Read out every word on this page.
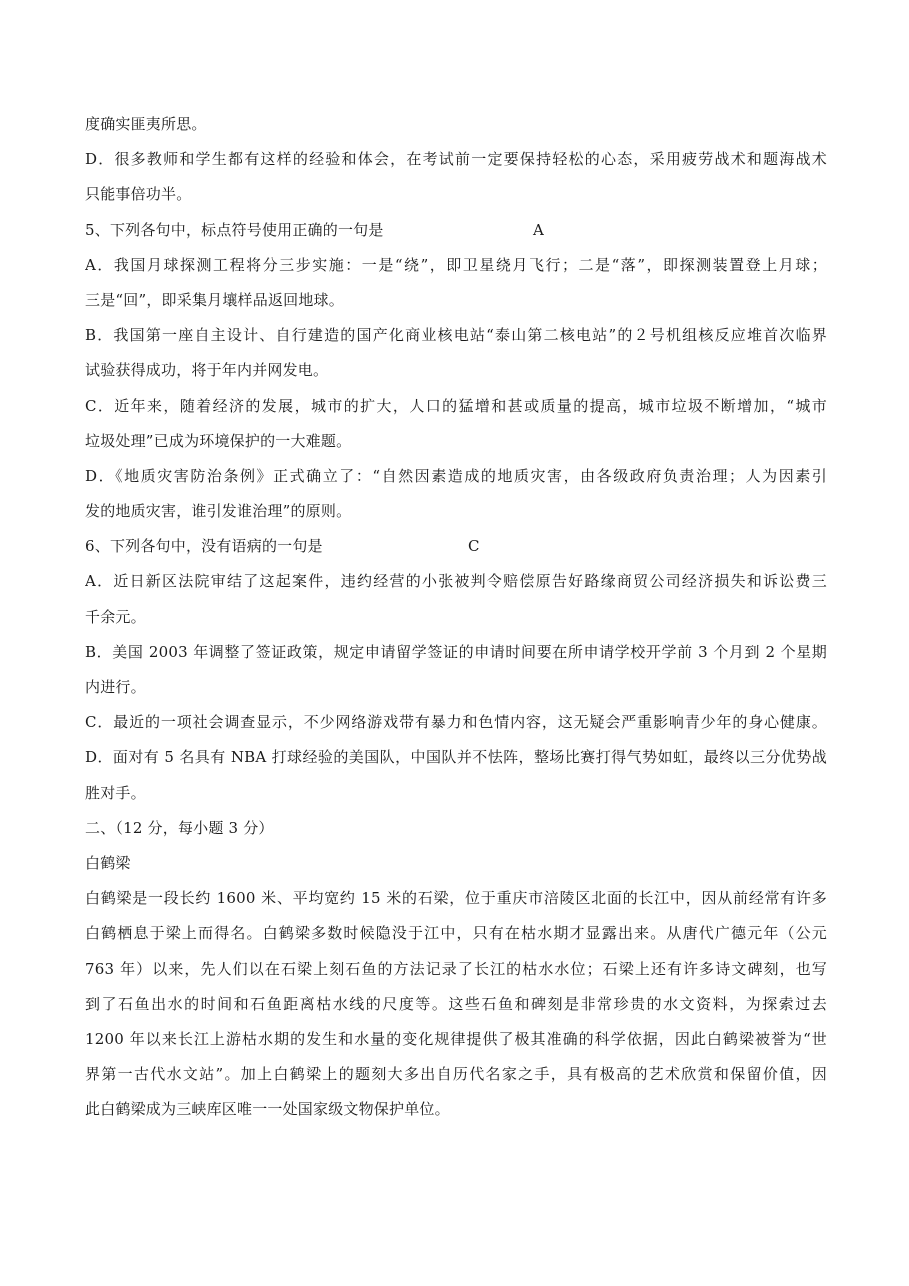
度确实匪夷所思。
D．很多教师和学生都有这样的经验和体会，在考试前一定要保持轻松的心态，采用疲劳战术和题海战术
只能事倍功半。
5、下列各句中，标点符号使用正确的一句是	A
A．我国月球探测工程将分三步实施：一是“绕”，即卫星绕月飞行；二是“落”，即探测装置登上月球；
三是“回”，即采集月壤样品返回地球。
B．我国第一座自主设计、自行建造的国产化商业核电站“泰山第二核电站”的２号机组核反应堆首次临界
试验获得成功，将于年内并网发电。
C．近年来，随着经济的发展，城市的扩大，人口的猛增和甚或质量的提高，城市垃圾不断增加，“城市
垃圾处理”已成为环境保护的一大难题。
D．《地质灾害防治条例》正式确立了：“自然因素造成的地质灾害，由各级政府负责治理；人为因素引
发的地质灾害，谁引发谁治理”的原则。
6、下列各句中，没有语病的一句是	C
A．近日新区法院审结了这起案件，违约经营的小张被判令赔偿原告好路缘商贸公司经济损失和诉讼费三
千余元。
B．美国 2003 年调整了签证政策，规定申请留学签证的申请时间要在所申请学校开学前 3 个月到 2 个星期
内进行。
C．最近的一项社会调查显示，不少网络游戏带有暴力和色情内容，这无疑会严重影响青少年的身心健康。
D．面对有 5 名具有 NBA 打球经验的美国队，中国队并不怯阵，整场比赛打得气势如虹，最终以三分优势战
胜对手。
二、（12 分，每小题 3 分）
白鹤梁
白鹤梁是一段长约 1600 米、平均宽约 15 米的石梁，位于重庆市涪陵区北面的长江中，因从前经常有许多
白鹤栖息于梁上而得名。白鹤梁多数时候隐没于江中，只有在枯水期才显露出来。从唐代广德元年（公元
763 年）以来，先人们以在石梁上刻石鱼的方法记录了长江的枯水水位；石梁上还有许多诗文碑刻，也写
到了石鱼出水的时间和石鱼距离枯水线的尺度等。这些石鱼和碑刻是非常珍贵的水文资料，为探索过去
1200 年以来长江上游枯水期的发生和水量的变化规律提供了极其准确的科学依据，因此白鹤梁被誉为“世
界第一古代水文站”。加上白鹤梁上的题刻大多出自历代名家之手，具有极高的艺术欣赏和保留价值，因
此白鹤梁成为三峡库区唯一一处国家级文物保护单位。
